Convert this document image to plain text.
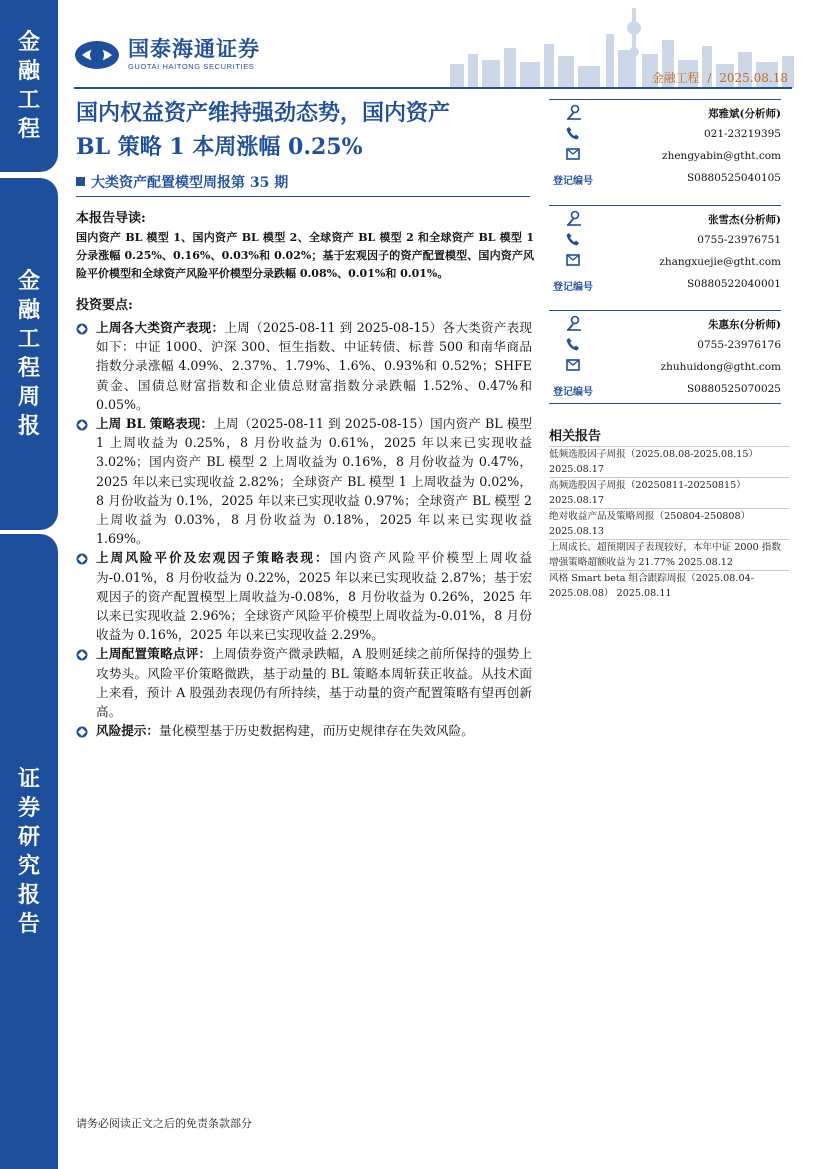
金
融
工
程
金
融
工
程
周
报
证
券
研
究
报
告
国泰海通证券
GUOTAI HAITONG SECURITIES
金融工程 / 2025.08.18
国内权益资产维持强劲态势，国内资产
BL 策略 1 本周涨幅 0.25%
大类资产配置模型周报第 35 期
本报告导读:
国内资产 BL 模型 1、国内资产 BL 模型 2、全球资产 BL 模型 2 和全球资产 BL 模型 1 分录涨幅 0.25%、0.16%、0.03%和 0.02%；基于宏观因子的资产配置模型、国内资产风险平价模型和全球资产风险平价模型分录跌幅 0.08%、0.01%和 0.01%。
投资要点:
上周各大类资产表现：上周（2025-08-11 到 2025-08-15）各大类资产表现如下：中证 1000、沪深 300、恒生指数、中证转债、标普 500 和南华商品指数分录涨幅 4.09%、2.37%、1.79%、1.6%、0.93%和 0.52%；SHFE 黄金、国债总财富指数和企业债总财富指数分录跌幅 1.52%、0.47%和 0.05%。
上周 BL 策略表现：上周（2025-08-11 到 2025-08-15）国内资产 BL 模型 1 上周收益为 0.25%，8 月份收益为 0.61%，2025 年以来已实现收益 3.02%；国内资产 BL 模型 2 上周收益为 0.16%，8 月份收益为 0.47%，2025 年以来已实现收益 2.82%；全球资产 BL 模型 1 上周收益为 0.02%，8 月份收益为 0.1%，2025 年以来已实现收益 0.97%；全球资产 BL 模型 2 上周收益为 0.03%，8 月份收益为 0.18%，2025 年以来已实现收益 1.69%。
上周风险平价及宏观因子策略表现：国内资产风险平价模型上周收益为-0.01%，8 月份收益为 0.22%，2025 年以来已实现收益 2.87%；基于宏观因子的资产配置模型上周收益为-0.08%，8 月份收益为 0.26%，2025 年以来已实现收益 2.96%；全球资产风险平价模型上周收益为-0.01%，8 月份收益为 0.16%，2025 年以来已实现收益 2.29%。
上周配置策略点评：上周债券资产微录跌幅，A 股则延续之前所保持的强势上攻势头。风险平价策略微跌，基于动量的 BL 策略本周斩获正收益。从技术面上来看，预计 A 股强劲表现仍有所持续，基于动量的资产配置策略有望再创新高。
风险提示：量化模型基于历史数据构建，而历史规律存在失效风险。
郑雅斌(分析师)
021-23219395
zhengyabin@gtht.com
登记编号	S0880525040105
张雪杰(分析师)
0755-23976751
zhangxuejie@gtht.com
登记编号	S0880522040001
朱惠东(分析师)
0755-23976176
zhuhuidong@gtht.com
登记编号	S0880525070025
相关报告
低频选股因子周报（2025.08.08-2025.08.15）
2025.08.17
高频选股因子周报（20250811-20250815）
2025.08.17
绝对收益产品及策略周报（250804-250808）
2025.08.13
上周成长、超预期因子表现较好，本年中证 2000 指数增强策略超额收益为 21.77% 2025.08.12
风格 Smart beta 组合跟踪周报（2025.08.04-2025.08.08） 2025.08.11
请务必阅读正文之后的免责条款部分
